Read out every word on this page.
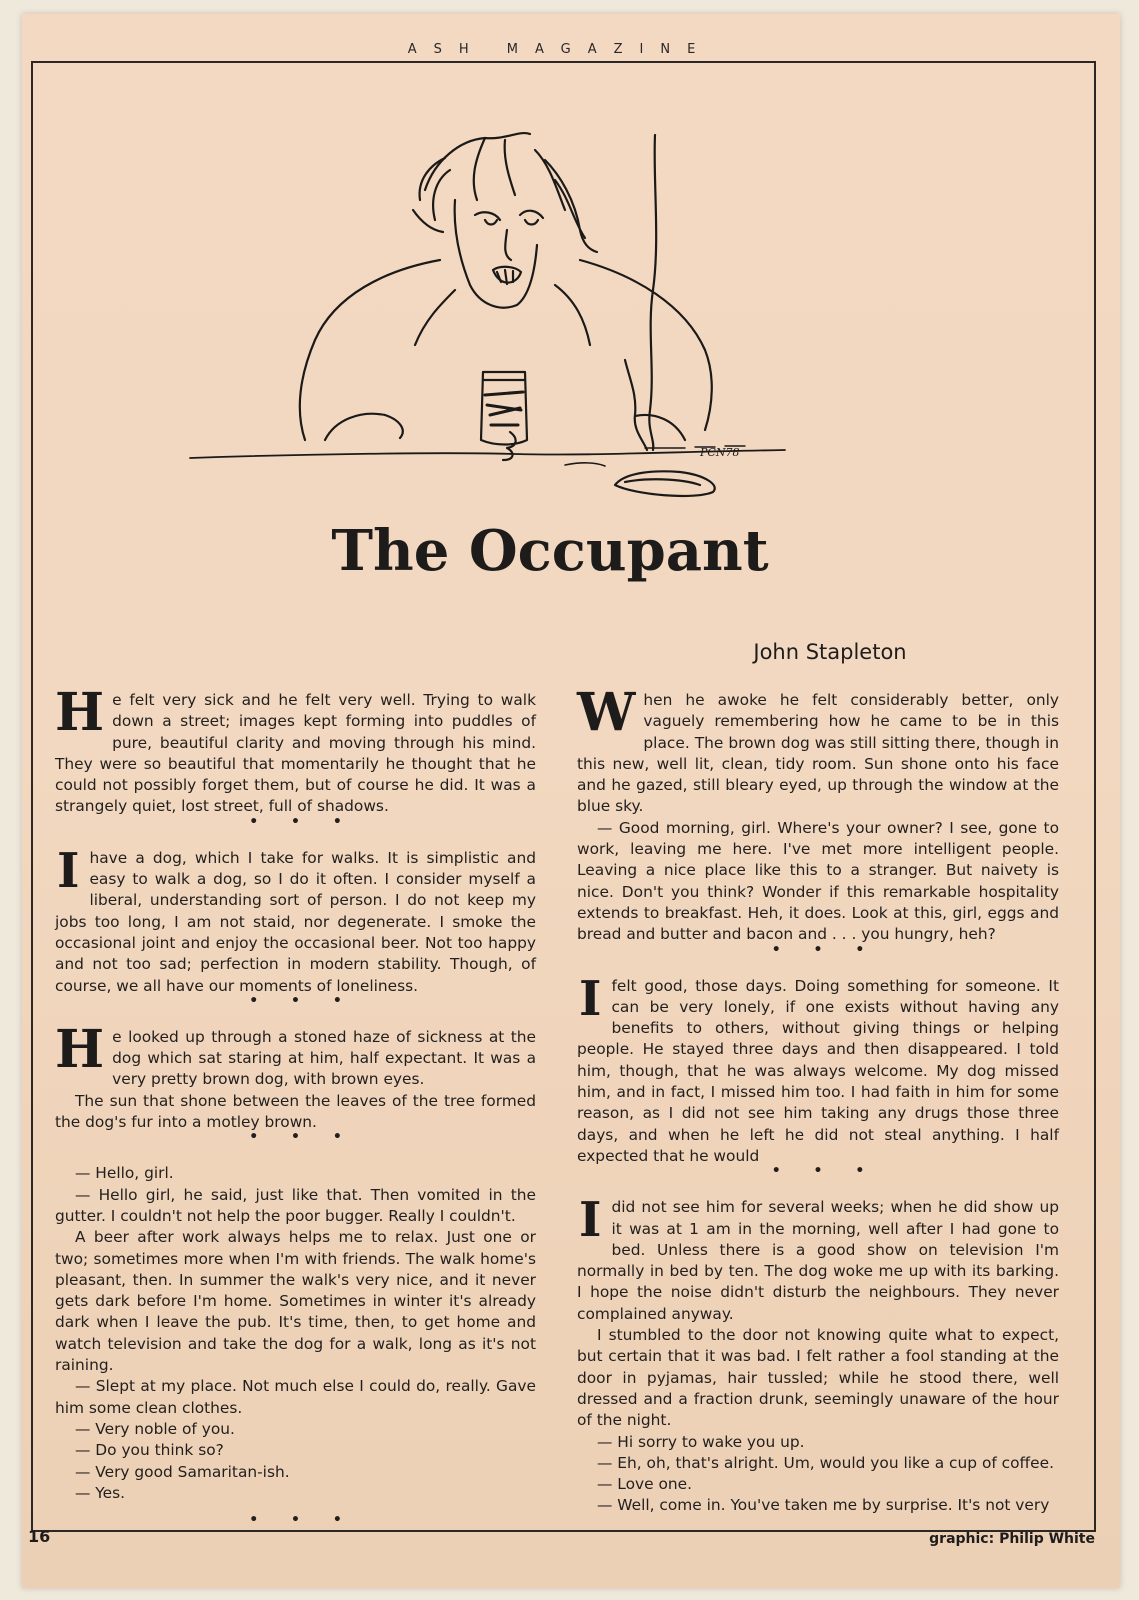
ASH MAGAZINE
PCN78
The Occupant
John Stapleton

He felt very sick and he felt very well. Trying to walk down a street; images kept forming into puddles of pure, beautiful clarity and moving through his mind. They were so beautiful that momentarily he thought that he could not possibly forget them, but of course he did. It was a strangely quiet, lost street, full of shadows.

• • •

Ihave a dog, which I take for walks. It is simplistic and easy to walk a dog, so I do it often. I consider myself a liberal, understanding sort of person. I do not keep my jobs too long, I am not staid, nor degenerate. I smoke the occasional joint and enjoy the occasional beer. Not too happy and not too sad; perfection in modern stability. Though, of course, we all have our moments of loneliness.

• • •

He looked up through a stoned haze of sickness at the dog which sat staring at him, half expectant. It was a very pretty brown dog, with brown eyes.

The sun that shone between the leaves of the tree formed the dog's fur into a motley brown.

• • •

— Hello, girl.

— Hello girl, he said, just like that. Then vomited in the gutter. I couldn't not help the poor bugger. Really I couldn't.

A beer after work always helps me to relax. Just one or two; sometimes more when I'm with friends. The walk home's pleasant, then. In summer the walk's very nice, and it never gets dark before I'm home. Sometimes in winter it's already dark when I leave the pub. It's time, then, to get home and watch television and take the dog for a walk, long as it's not raining.

— Slept at my place. Not much else I could do, really. Gave him some clean clothes.

— Very noble of you.

— Do you think so?

— Very good Samaritan-ish.

— Yes.

• • •

When he awoke he felt considerably better, only vaguely remembering how he came to be in this place. The brown dog was still sitting there, though in this new, well lit, clean, tidy room. Sun shone onto his face and he gazed, still bleary eyed, up through the window at the blue sky.

— Good morning, girl. Where's your owner? I see, gone to work, leaving me here. I've met more intelligent people. Leaving a nice place like this to a stranger. But naivety is nice. Don't you think? Wonder if this remarkable hospitality extends to breakfast. Heh, it does. Look at this, girl, eggs and bread and butter and bacon and . . . you hungry, heh?

• • •

Ifelt good, those days. Doing something for someone. It can be very lonely, if one exists without having any benefits to others, without giving things or helping people. He stayed three days and then disappeared. I told him, though, that he was always welcome. My dog missed him, and in fact, I missed him too. I had faith in him for some reason, as I did not see him taking any drugs those three days, and when he left he did not steal anything. I half expected that he would

• • •

Idid not see him for several weeks; when he did show up it was at 1 am in the morning, well after I had gone to bed. Unless there is a good show on television I'm normally in bed by ten. The dog woke me up with its barking. I hope the noise didn't disturb the neighbours. They never complained anyway.

I stumbled to the door not knowing quite what to expect, but certain that it was bad. I felt rather a fool standing at the door in pyjamas, hair tussled; while he stood there, well dressed and a fraction drunk, seemingly unaware of the hour of the night.

— Hi sorry to wake you up.

— Eh, oh, that's alright. Um, would you like a cup of coffee.

— Love one.

— Well, come in. You've taken me by surprise. It's not very

16	graphic: Philip White
